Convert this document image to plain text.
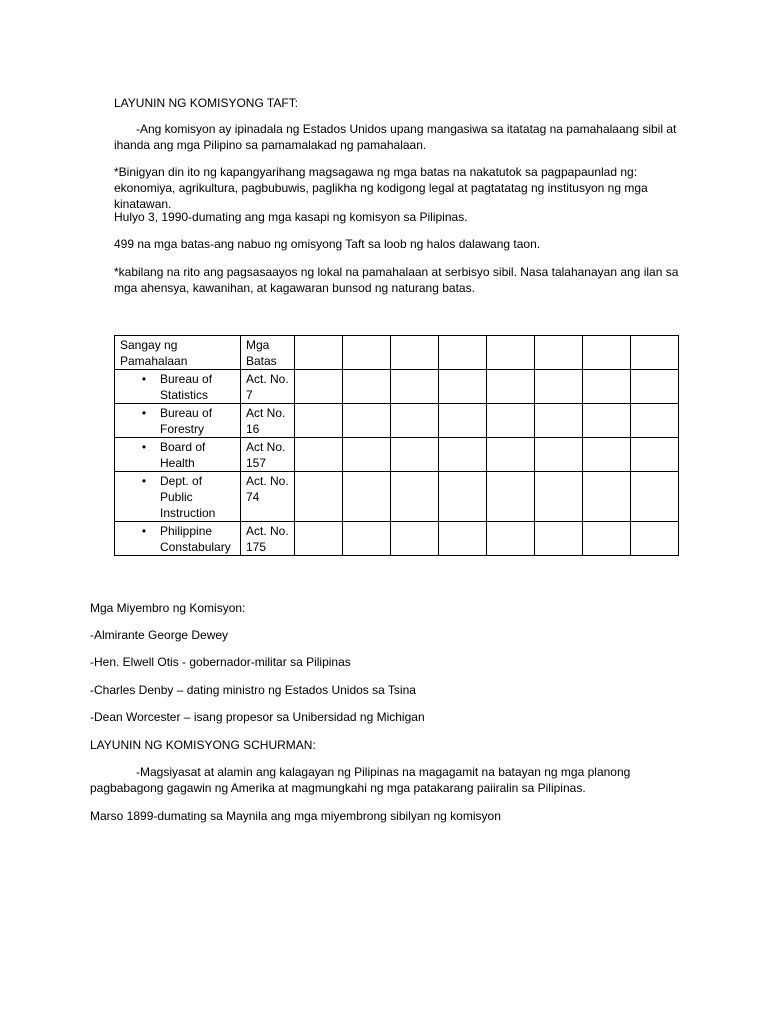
LAYUNIN NG KOMISYONG TAFT:

-Ang komisyon ay ipinadala ng Estados Unidos upang mangasiwa sa itatatag na pamahalaang sibil at ihanda ang mga Pilipino sa pamamalakad ng pamahalaan.

*Binigyan din ito ng kapangyarihang magsagawa ng mga batas na nakatutok sa pagpapaunlad ng: ekonomiya, agrikultura, pagbubuwis, paglikha ng kodigong legal at pagtatatag ng institusyon ng mga kinatawan.

Hulyo 3, 1990-dumating ang mga kasapi ng komisyon sa Pilipinas.

499 na mga batas-ang nabuo ng omisyong Taft sa loob ng halos dalawang taon.

*kabilang na rito ang pagsasaayos ng lokal na pamahalaan at serbisyo sibil. Nasa talahanayan ang ilan sa mga ahensya, kawanihan, at kagawaran bunsod ng naturang batas.

Sangay ng Pamahalaan	Mga Batas								

• Bureau of Statistics	Act. No. 7								

• Bureau of Forestry	Act No. 16								

• Board of Health	Act No. 157								

• Dept. of Public Instruction	Act. No. 74								

• Philippine Constabulary	Act. No. 175								

Mga Miyembro ng Komisyon:

-Almirante George Dewey

-Hen. Elwell Otis - gobernador-militar sa Pilipinas

-Charles Denby – dating ministro ng Estados Unidos sa Tsina

-Dean Worcester – isang propesor sa Unibersidad ng Michigan

LAYUNIN NG KOMISYONG SCHURMAN:

-Magsiyasat at alamin ang kalagayan ng Pilipinas na magagamit na batayan ng mga planong pagbabagong gagawin ng Amerika at magmungkahi ng mga patakarang paiiralin sa Pilipinas.

Marso 1899-dumating sa Maynila ang mga miyembrong sibilyan ng komisyon
